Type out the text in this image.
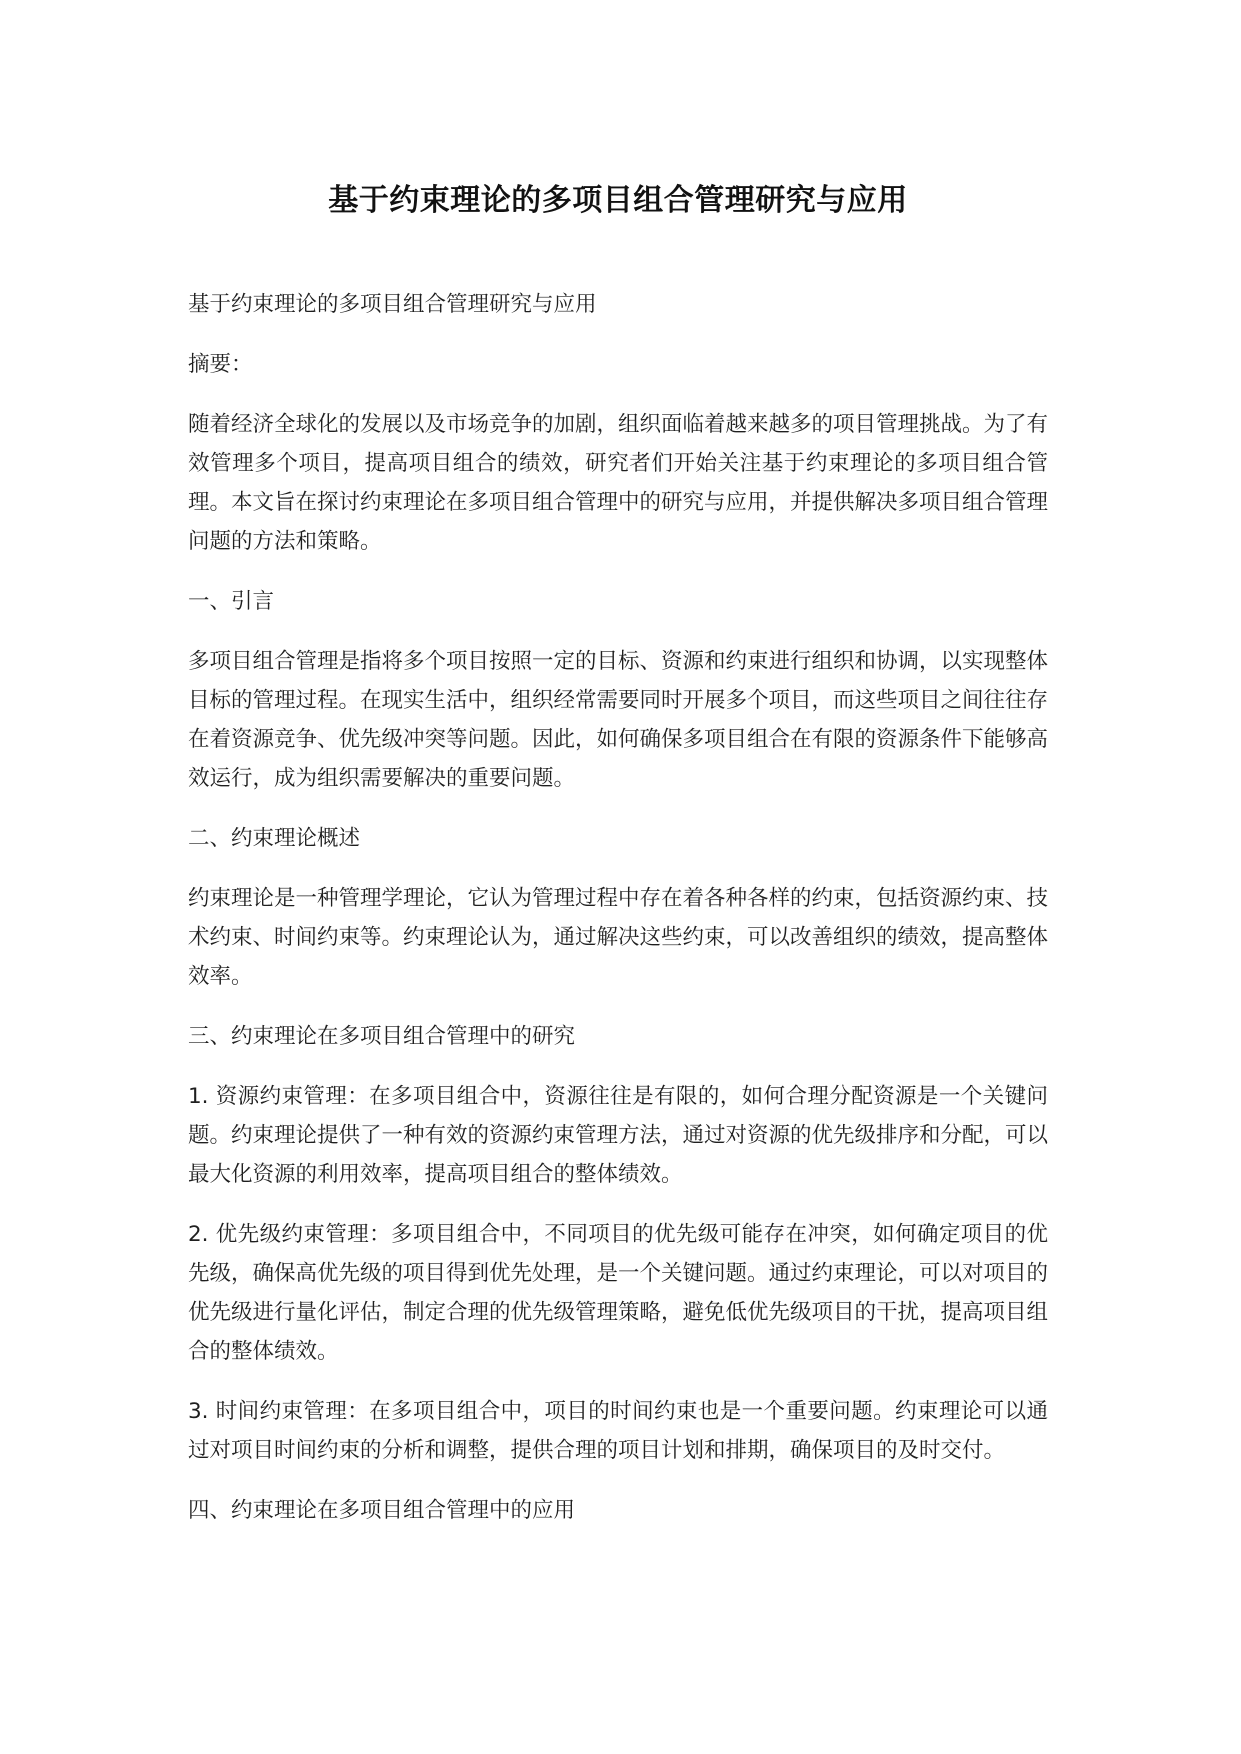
基于约束理论的多项目组合管理研究与应用

基于约束理论的多项目组合管理研究与应用

摘要：

随着经济全球化的发展以及市场竞争的加剧，组织面临着越来越多的项目管理挑战。为了有效管理多个项目，提高项目组合的绩效，研究者们开始关注基于约束理论的多项目组合管理。本文旨在探讨约束理论在多项目组合管理中的研究与应用，并提供解决多项目组合管理问题的方法和策略。

一、引言

多项目组合管理是指将多个项目按照一定的目标、资源和约束进行组织和协调，以实现整体目标的管理过程。在现实生活中，组织经常需要同时开展多个项目，而这些项目之间往往存在着资源竞争、优先级冲突等问题。因此，如何确保多项目组合在有限的资源条件下能够高效运行，成为组织需要解决的重要问题。

二、约束理论概述

约束理论是一种管理学理论，它认为管理过程中存在着各种各样的约束，包括资源约束、技术约束、时间约束等。约束理论认为，通过解决这些约束，可以改善组织的绩效，提高整体效率。

三、约束理论在多项目组合管理中的研究

1. 资源约束管理：在多项目组合中，资源往往是有限的，如何合理分配资源是一个关键问题。约束理论提供了一种有效的资源约束管理方法，通过对资源的优先级排序和分配，可以最大化资源的利用效率，提高项目组合的整体绩效。

2. 优先级约束管理：多项目组合中，不同项目的优先级可能存在冲突，如何确定项目的优先级，确保高优先级的项目得到优先处理，是一个关键问题。通过约束理论，可以对项目的优先级进行量化评估，制定合理的优先级管理策略，避免低优先级项目的干扰，提高项目组合的整体绩效。

3. 时间约束管理：在多项目组合中，项目的时间约束也是一个重要问题。约束理论可以通过对项目时间约束的分析和调整，提供合理的项目计划和排期，确保项目的及时交付。

四、约束理论在多项目组合管理中的应用
